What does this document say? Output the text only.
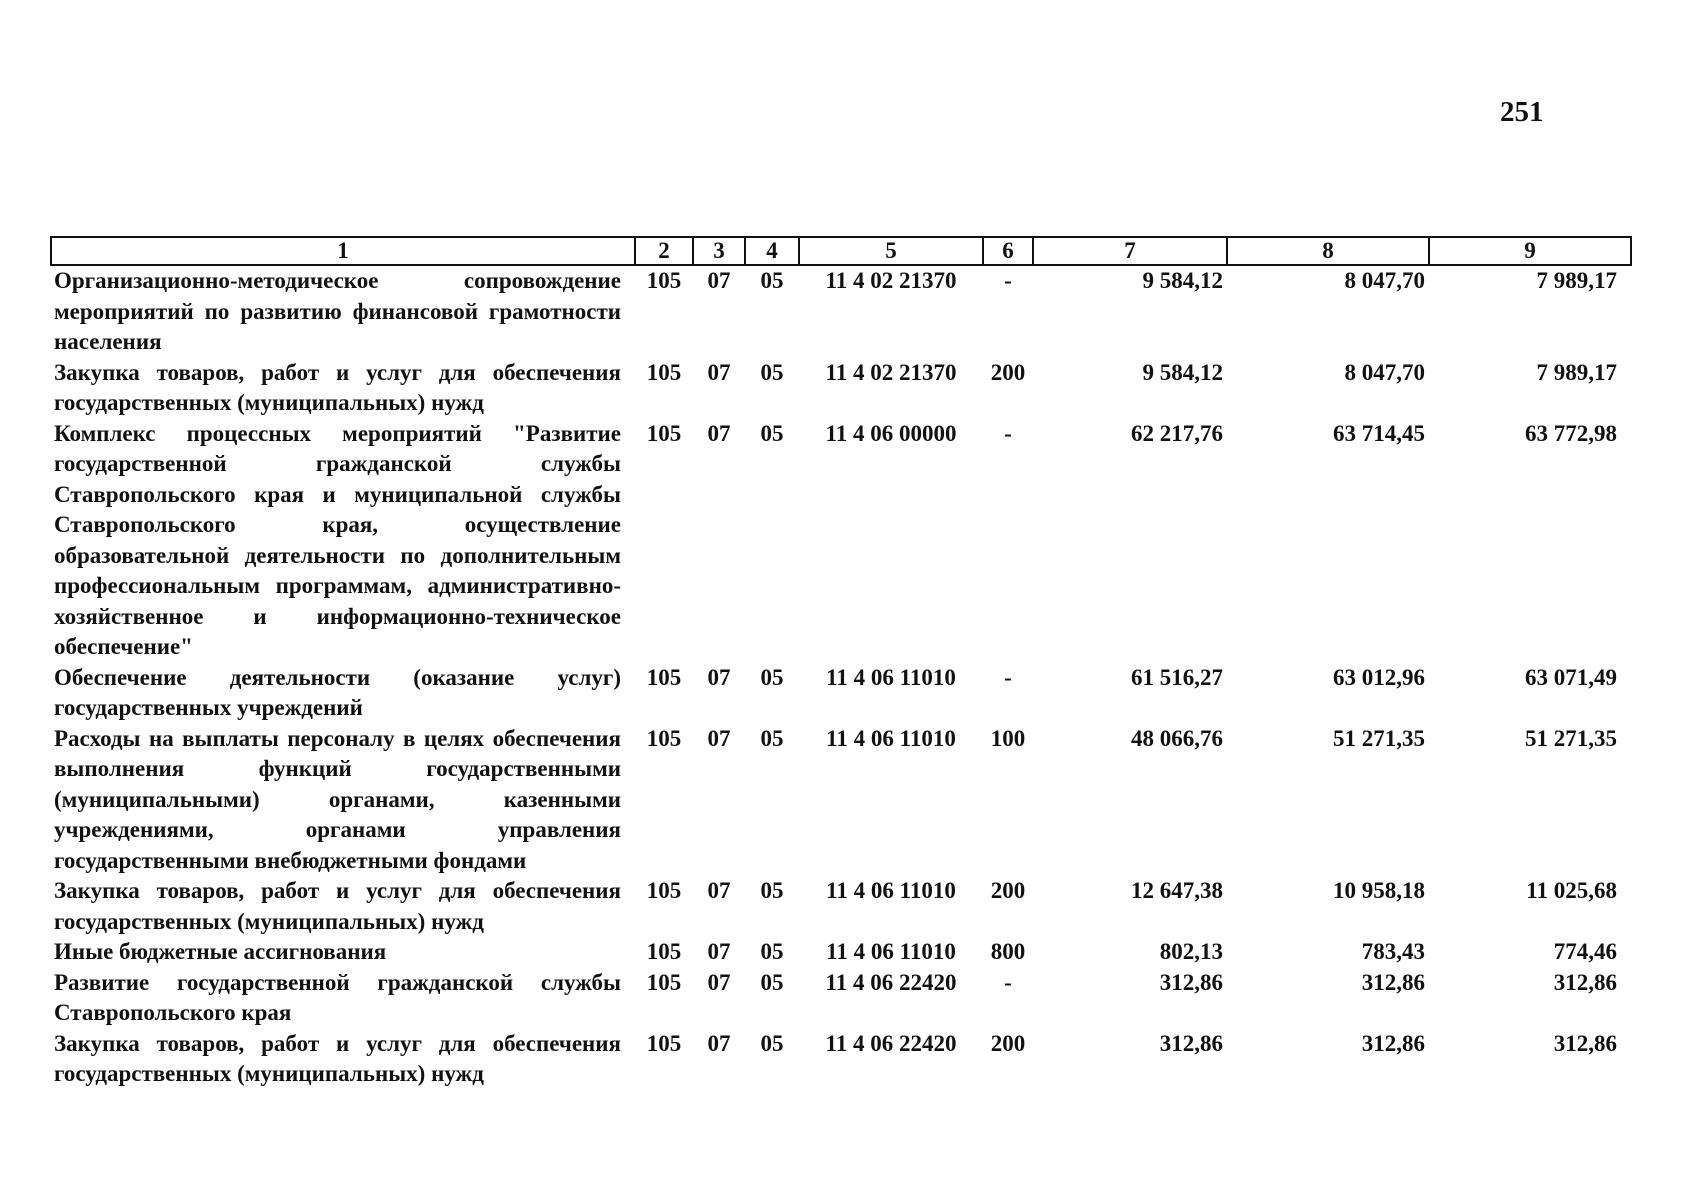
251
1	2	3	4	5	6	7	8	9
Организационно-методическое сопровождение мероприятий по развитию финансовой грамотности населения	105	07	05	11 4 02 21370	-	9 584,12	8 047,70	7 989,17
Закупка товаров, работ и услуг для обеспечения государственных (муниципальных) нужд	105	07	05	11 4 02 21370	200	9 584,12	8 047,70	7 989,17
Комплекс процессных мероприятий "Развитие государственной гражданской службы Ставропольского края и муниципальной службы Ставропольского края, осуществление образовательной деятельности по дополнительным профессиональным программам, административно-хозяйственное и информационно-техническое обеспечение"	105	07	05	11 4 06 00000	-	62 217,76	63 714,45	63 772,98
Обеспечение деятельности (оказание услуг) государственных учреждений	105	07	05	11 4 06 11010	-	61 516,27	63 012,96	63 071,49
Расходы на выплаты персоналу в целях обеспечения выполнения функций государственными (муниципальными) органами, казенными учреждениями, органами управления государственными внебюджетными фондами	105	07	05	11 4 06 11010	100	48 066,76	51 271,35	51 271,35
Закупка товаров, работ и услуг для обеспечения государственных (муниципальных) нужд	105	07	05	11 4 06 11010	200	12 647,38	10 958,18	11 025,68
Иные бюджетные ассигнования	105	07	05	11 4 06 11010	800	802,13	783,43	774,46
Развитие государственной гражданской службы Ставропольского края	105	07	05	11 4 06 22420	-	312,86	312,86	312,86
Закупка товаров, работ и услуг для обеспечения государственных (муниципальных) нужд	105	07	05	11 4 06 22420	200	312,86	312,86	312,86
